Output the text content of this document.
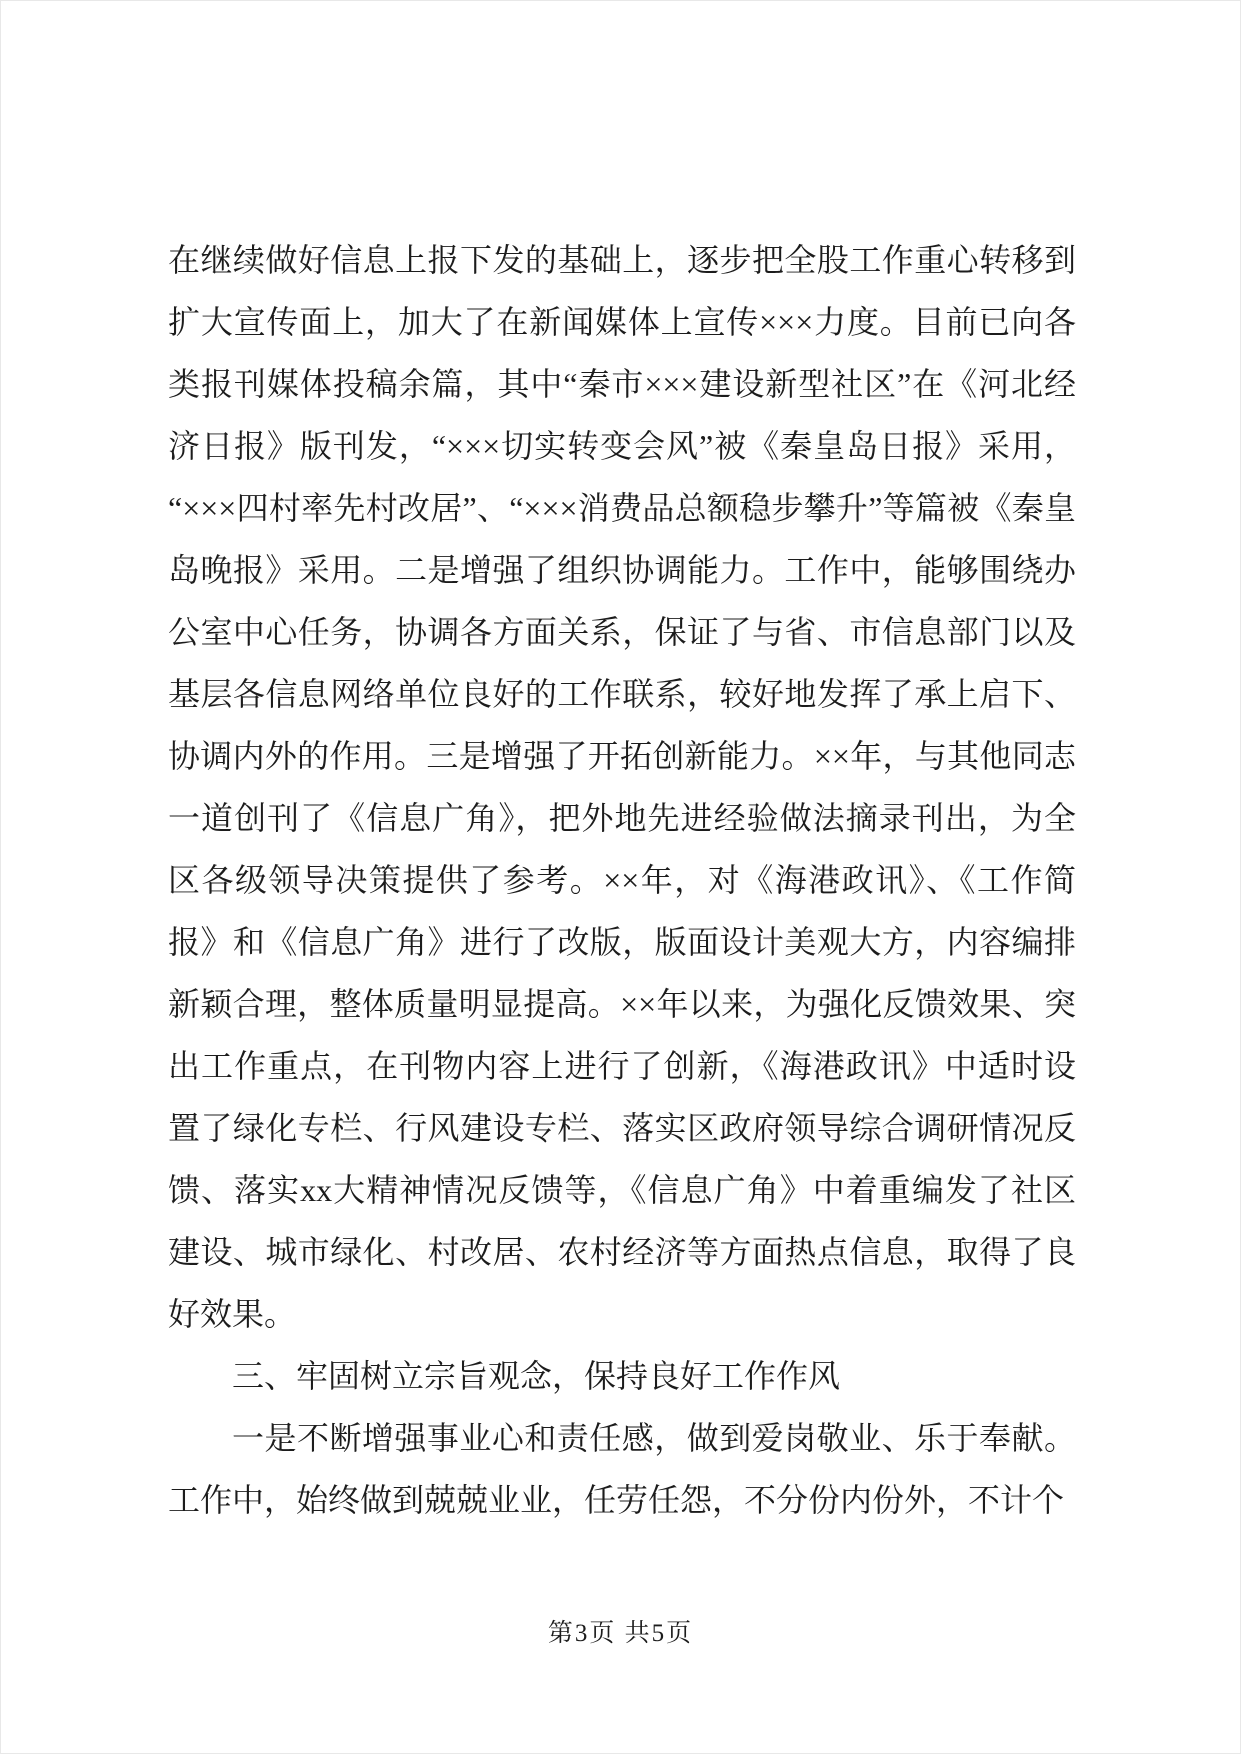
在继续做好信息上报下发的基础上，逐步把全股工作重心转移到扩大宣传面上，加大了在新闻媒体上宣传×××力度。目前已向各类报刊媒体投稿余篇，其中“秦市×××建设新型社区”在《河北经济日报》版刊发，“×××切实转变会风”被《秦皇岛日报》采用，“×××四村率先村改居”、“×××消费品总额稳步攀升”等篇被《秦皇岛晚报》采用。二是增强了组织协调能力。工作中，能够围绕办公室中心任务，协调各方面关系，保证了与省、市信息部门以及基层各信息网络单位良好的工作联系，较好地发挥了承上启下、协调内外的作用。三是增强了开拓创新能力。××年，与其他同志一道创刊了《信息广角》，把外地先进经验做法摘录刊出，为全区各级领导决策提供了参考。××年，对《海港政讯》、《工作简报》和《信息广角》进行了改版，版面设计美观大方，内容编排新颖合理，整体质量明显提高。××年以来，为强化反馈效果、突出工作重点，在刊物内容上进行了创新，《海港政讯》中适时设置了绿化专栏、行风建设专栏、落实区政府领导综合调研情况反馈、落实xx大精神情况反馈等，《信息广角》中着重编发了社区建设、城市绿化、村改居、农村经济等方面热点信息，取得了良好效果。

三、牢固树立宗旨观念，保持良好工作作风

一是不断增强事业心和责任感，做到爱岗敬业、乐于奉献。工作中，始终做到兢兢业业，任劳任怨，不分份内份外，不计个

第3页 共5页
